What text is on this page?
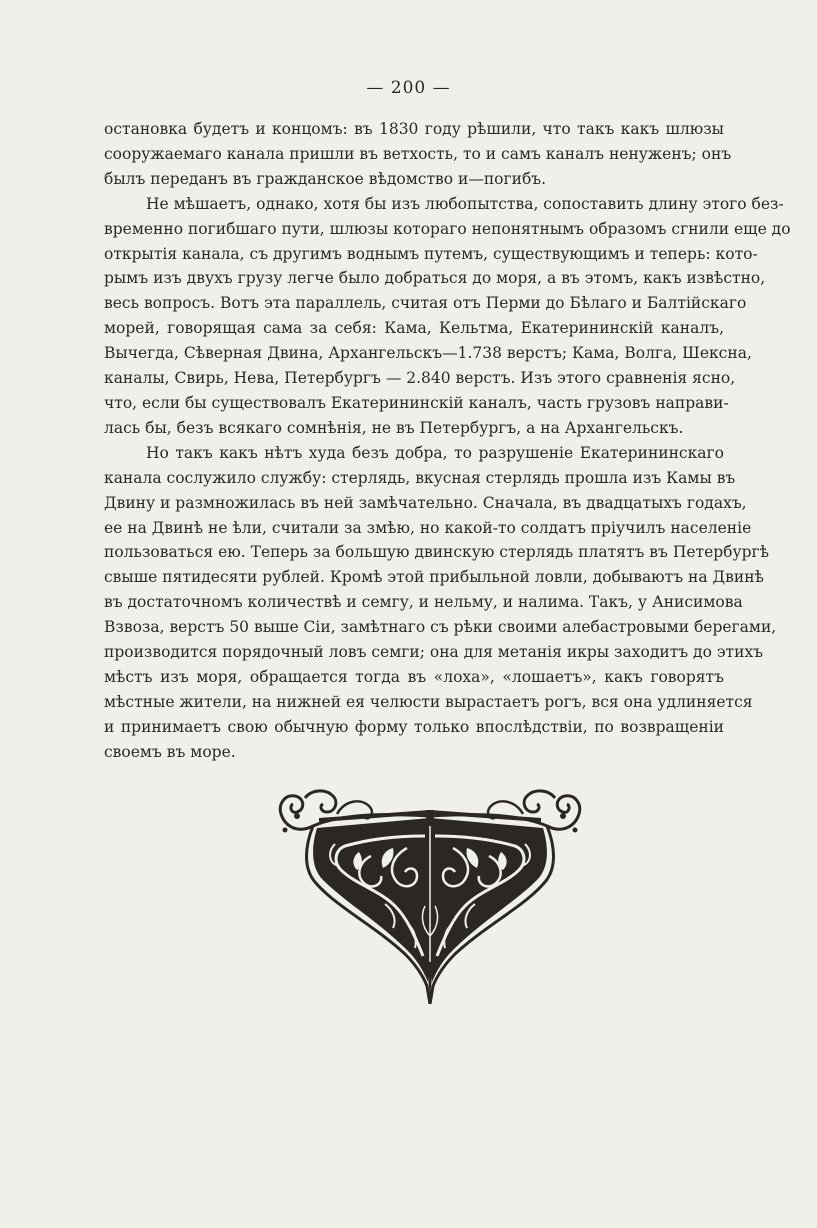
— 200 —
остановка будетъ и концомъ: въ 1830 году рѣшили, что такъ какъ шлюзы
сооружаемаго канала пришли въ ветхость, то и самъ каналъ ненуженъ; онъ
былъ переданъ въ гражданское вѣдомство и—погибъ.
Не мѣшаетъ, однако, хотя бы изъ любопытства, сопоставить длину этого без-
временно погибшаго пути, шлюзы котораго непонятнымъ образомъ сгнили еще до
открытія канала, съ другимъ воднымъ путемъ, существующимъ и теперь: кото-
рымъ изъ двухъ грузу легче было добраться до моря, а въ этомъ, какъ извѣстно,
весь вопросъ. Вотъ эта параллель, считая отъ Перми до Бѣлаго и Балтійскаго
морей, говорящая сама за себя: Кама, Кельтма, Екатерининскій каналъ,
Вычегда, Сѣверная Двина, Архангельскъ—1.738 верстъ; Кама, Волга, Шексна,
каналы, Свирь, Нева, Петербургъ — 2.840 верстъ. Изъ этого сравненія ясно,
что, если бы существовалъ Екатерининскій каналъ, часть грузовъ направи-
лась бы, безъ всякаго сомнѣнія, не въ Петербургъ, а на Архангельскъ.
Но такъ какъ нѣтъ худа безъ добра, то разрушеніе Екатерининскаго
канала сослужило службу: стерлядь, вкусная стерлядь прошла изъ Камы въ
Двину и размножилась въ ней замѣчательно. Сначала, въ двадцатыхъ годахъ,
ее на Двинѣ не ѣли, считали за змѣю, но какой-то солдатъ пріучилъ населеніе
пользоваться ею. Теперь за большую двинскую стерлядь платятъ въ Петербургѣ
свыше пятидесяти рублей. Кромѣ этой прибыльной ловли, добываютъ на Двинѣ
въ достаточномъ количествѣ и семгу, и нельму, и налима. Такъ, у Анисимова
Взвоза, верстъ 50 выше Сіи, замѣтнаго съ рѣки своими алебастровыми берегами,
производится порядочный ловъ семги; она для метанія икры заходитъ до этихъ
мѣстъ изъ моря, обращается тогда въ «лоха», «лошаетъ», какъ говорятъ
мѣстные жители, на нижней ея челюсти вырастаетъ рогъ, вся она удлиняется
и принимаетъ свою обычную форму только впослѣдствіи, по возвращеніи
своемъ въ море.
